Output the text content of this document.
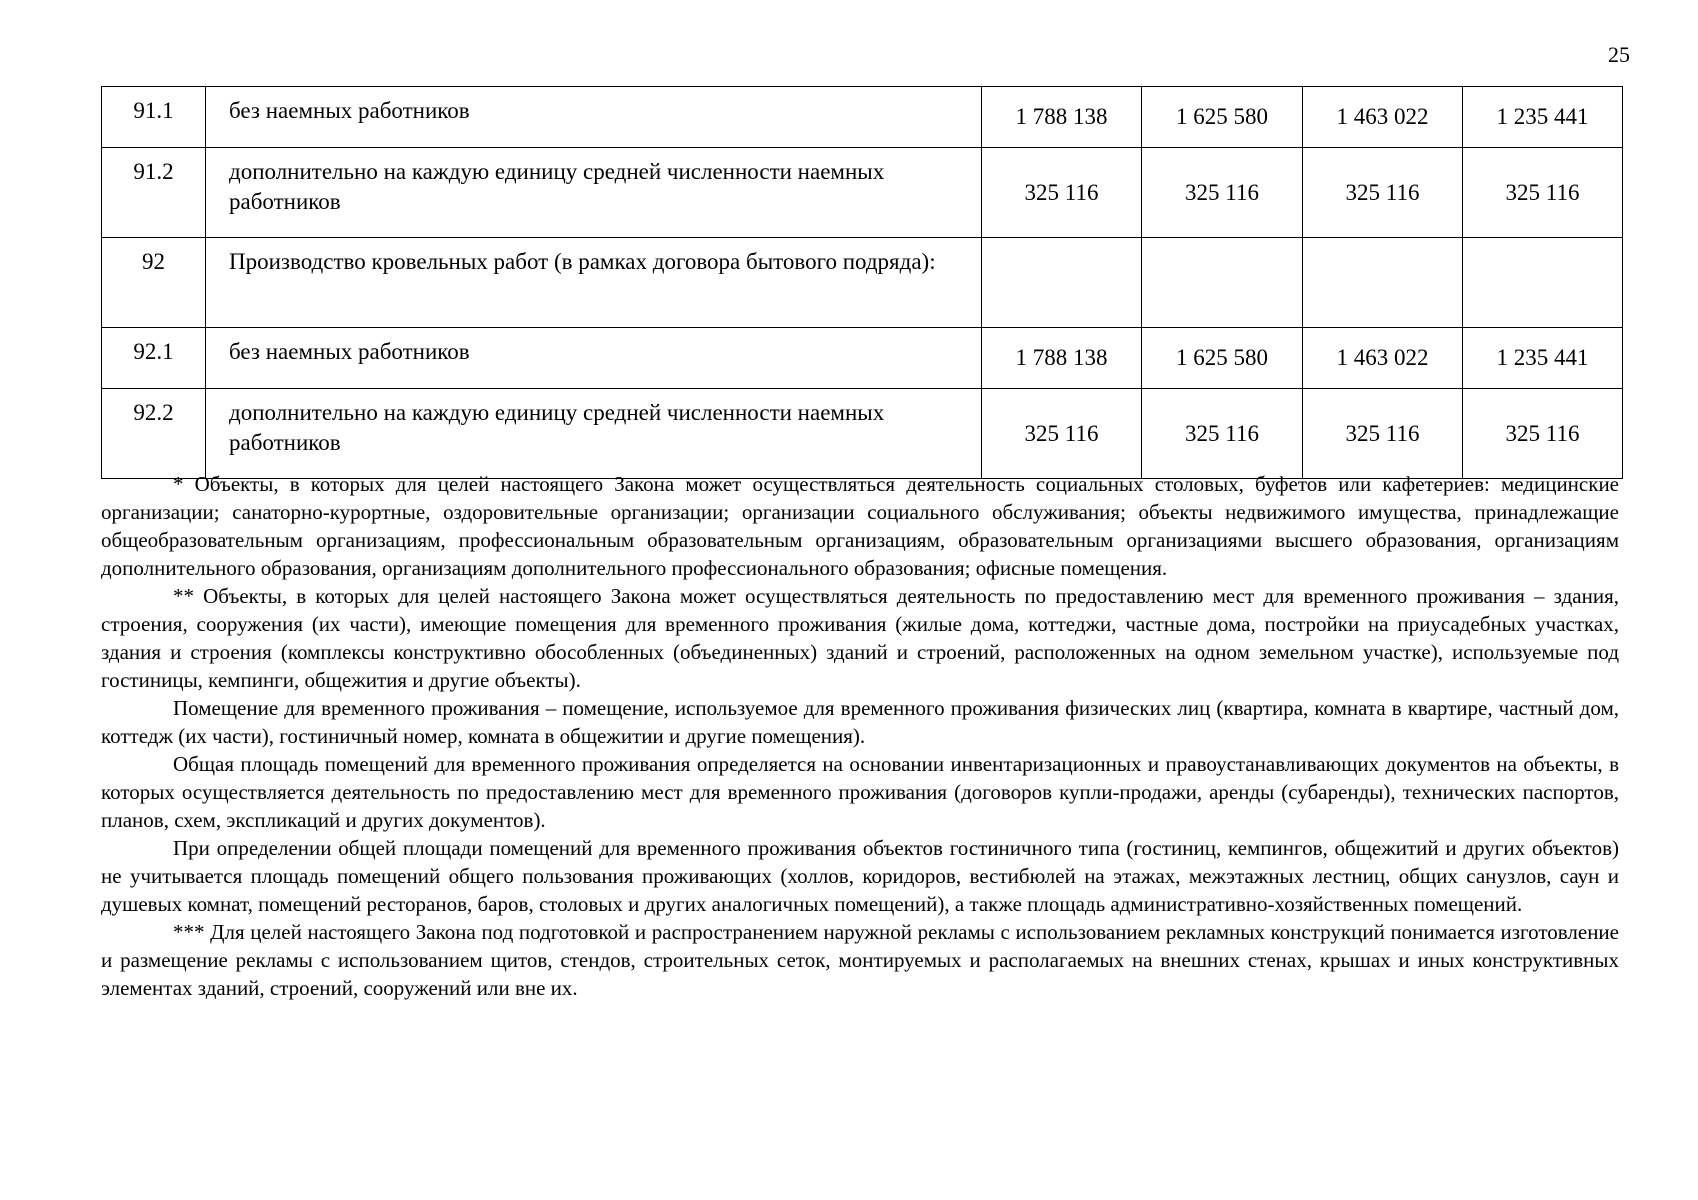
25
91.1	без наемных работников	1 788 138	1 625 580	1 463 022	1 235 441
91.2	дополнительно на каждую единицу средней численности наемных работников	325 116	325 116	325 116	325 116
92	Производство кровельных работ (в рамках договора бытового подряда):				
92.1	без наемных работников	1 788 138	1 625 580	1 463 022	1 235 441
92.2	дополнительно на каждую единицу средней численности наемных работников	325 116	325 116	325 116	325 116

* Объекты, в которых для целей настоящего Закона может осуществляться деятельность социальных столовых, буфетов или кафетериев: медицинские организации; санаторно-курортные, оздоровительные организации; организации социального обслуживания; объекты недвижимого имущества, принадлежащие общеобразовательным организациям, профессиональным образовательным организациям, образовательным организациями высшего образования, организациям дополнительного образования, организациям дополнительного профессионального образования; офисные помещения.

** Объекты, в которых для целей настоящего Закона может осуществляться деятельность по предоставлению мест для временного проживания – здания, строения, сооружения (их части), имеющие помещения для временного проживания (жилые дома, коттеджи, частные дома, постройки на приусадебных участках, здания и строения (комплексы конструктивно обособленных (объединенных) зданий и строений, расположенных на одном земельном участке), используемые под гостиницы, кемпинги, общежития и другие объекты).

Помещение для временного проживания – помещение, используемое для временного проживания физических лиц (квартира, комната в квартире, частный дом, коттедж (их части), гостиничный номер, комната в общежитии и другие помещения).

Общая площадь помещений для временного проживания определяется на основании инвентаризационных и правоустанавливающих документов на объекты, в которых осуществляется деятельность по предоставлению мест для временного проживания (договоров купли-продажи, аренды (субаренды), технических паспортов, планов, схем, экспликаций и других документов).

При определении общей площади помещений для временного проживания объектов гостиничного типа (гостиниц, кемпингов, общежитий и других объектов) не учитывается площадь помещений общего пользования проживающих (холлов, коридоров, вестибюлей на этажах, межэтажных лестниц, общих санузлов, саун и душевых комнат, помещений ресторанов, баров, столовых и других аналогичных помещений), а также площадь административно-хозяйственных помещений.

*** Для целей настоящего Закона под подготовкой и распространением наружной рекламы с использованием рекламных конструкций понимается изготовление и размещение рекламы с использованием щитов, стендов, строительных сеток, монтируемых и располагаемых на внешних стенах, крышах и иных конструктивных элементах зданий, строений, сооружений или вне их.
